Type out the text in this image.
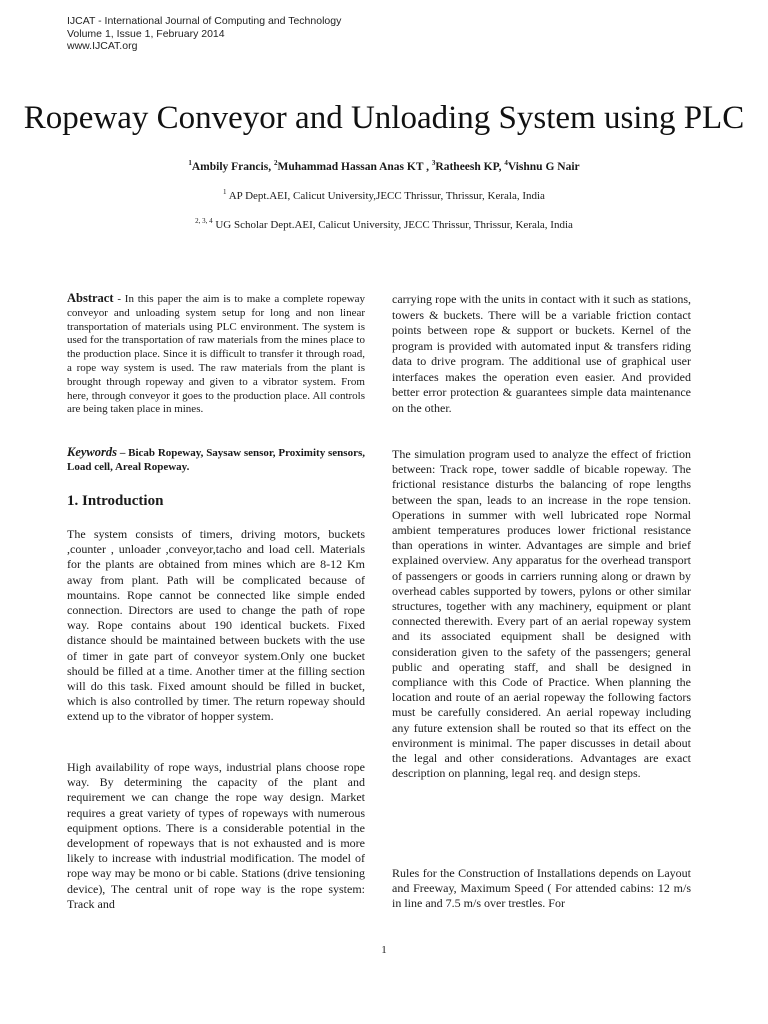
IJCAT - International Journal of Computing and Technology
Volume 1, Issue 1, February 2014
www.IJCAT.org
Ropeway Conveyor and Unloading System using PLC
$^1$Ambily Francis, $^2$Muhammad Hassan Anas KT , $^3$Ratheesh KP, $^4$Vishnu G Nair
$^1$ AP Dept.AEI, Calicut University,JECC Thrissur, Thrissur, Kerala, India
$^{2, 3, 4}$ UG Scholar Dept.AEI, Calicut University, JECC Thrissur, Thrissur, Kerala, India

Abstract - In this paper the aim is to make a complete ropeway conveyor and unloading system setup for long and non linear transportation of materials using PLC environment. The system is used for the transportation of raw materials from the mines place to the production place. Since it is difficult to transfer it through road, a rope way system is used. The raw materials from the plant is brought through ropeway and given to a vibrator system. From here, through conveyor it goes to the production place. All controls are being taken place in mines.

Keywords – Bicab Ropeway, Saysaw sensor, Proximity sensors, Load cell, Areal Ropeway.

1. Introduction

The system consists of timers, driving motors, buckets ,counter , unloader ,conveyor,tacho and load cell. Materials for the plants are obtained from mines which are 8-12 Km away from plant. Path will be complicated because of mountains. Rope cannot be connected like simple ended connection. Directors are used to change the path of rope way. Rope contains about 190 identical buckets. Fixed distance should be maintained between buckets with the use of timer in gate part of conveyor system.Only one bucket should be filled at a time. Another timer at the filling section will do this task. Fixed amount should be filled in bucket, which is also controlled by timer. The return ropeway should extend up to the vibrator of hopper system.

High availability of rope ways, industrial plans choose rope way. By determining the capacity of the plant and requirement we can change the rope way design. Market requires a great variety of types of ropeways with numerous equipment options. There is a considerable potential in the development of ropeways that is not exhausted and is more likely to increase with industrial modification. The model of rope way may be mono or bi cable. Stations (drive tensioning device), The central unit of rope way is the rope system: Track and

carrying rope with the units in contact with it such as stations, towers & buckets. There will be a variable friction contact points between rope & support or buckets. Kernel of the program is provided with automated input & transfers riding data to drive program. The additional use of graphical user interfaces makes the operation even easier. And provided better error protection & guarantees simple data maintenance on the other.

The simulation program used to analyze the effect of friction between: Track rope, tower saddle of bicable ropeway. The frictional resistance disturbs the balancing of rope lengths between the span, leads to an increase in the rope tension. Operations in summer with well lubricated rope Normal ambient temperatures produces lower frictional resistance than operations in winter. Advantages are simple and brief explained overview. Any apparatus for the overhead transport of passengers or goods in carriers running along or drawn by overhead cables supported by towers, pylons or other similar structures, together with any machinery, equipment or plant connected therewith. Every part of an aerial ropeway system and its associated equipment shall be designed with consideration given to the safety of the passengers; general public and operating staff, and shall be designed in compliance with this Code of Practice. When planning the location and route of an aerial ropeway the following factors must be carefully considered. An aerial ropeway including any future extension shall be routed so that its effect on the environment is minimal. The paper discusses in detail about the legal and other considerations. Advantages are exact description on planning, legal req. and design steps.

Rules for the Construction of Installations depends on Layout and Freeway, Maximum Speed ( For attended cabins: 12 m/s in line and 7.5 m/s over trestles. For

1
